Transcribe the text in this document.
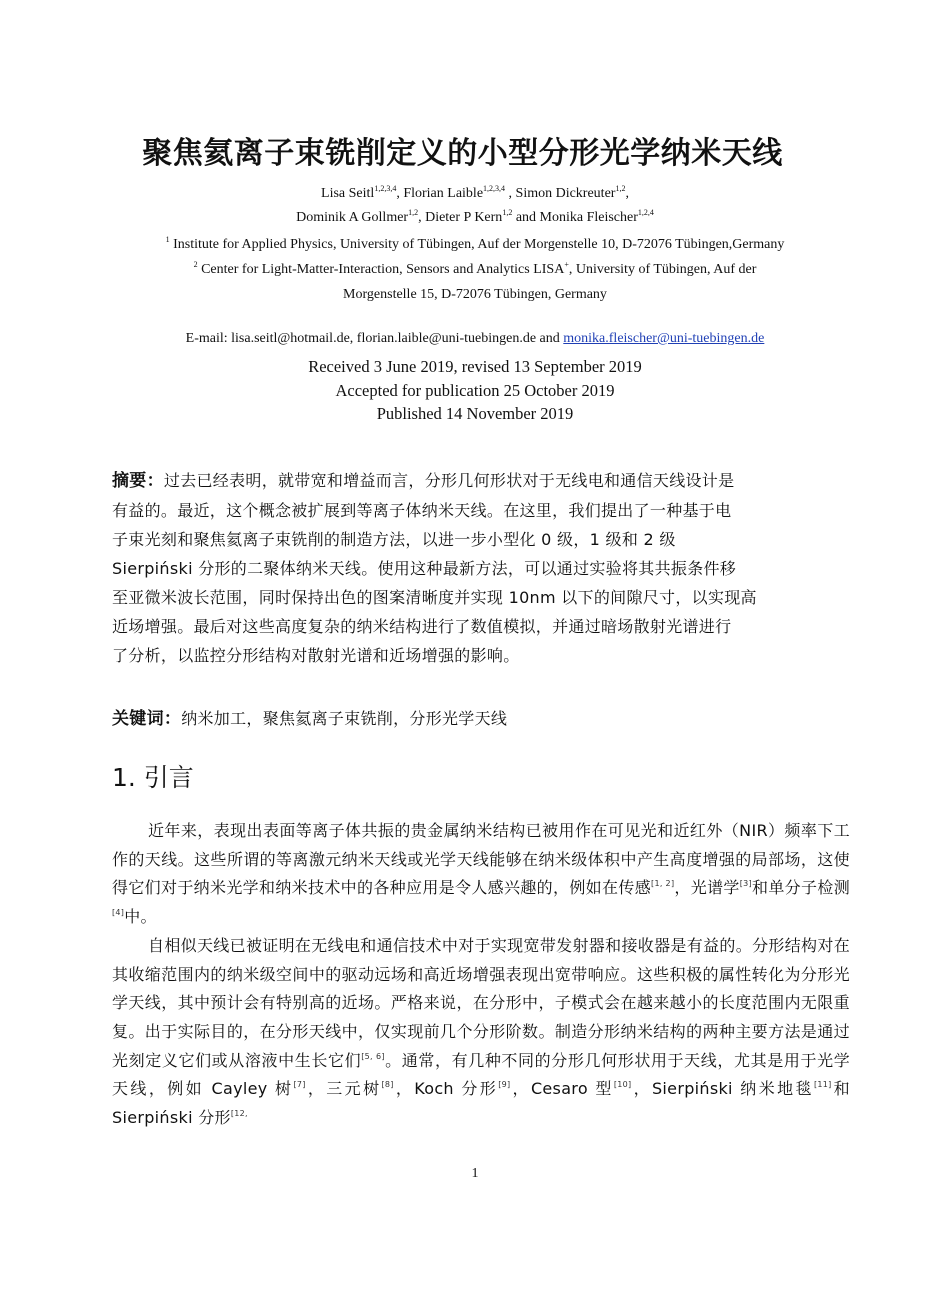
聚焦氦离子束铣削定义的小型分形光学纳米天线
Lisa Seitl$^{1,2,3,4}$, Florian Laible$^{1,2,3,4}$ , Simon Dickreuter$^{1,2}$,
Dominik A Gollmer$^{1,2}$, Dieter P Kern$^{1,2}$ and Monika Fleischer$^{1,2,4}$
$^1$ Institute for Applied Physics, University of Tübingen, Auf der Morgenstelle 10, D-72076 Tübingen,Germany
$^2$ Center for Light-Matter-Interaction, Sensors and Analytics LISA+, University of Tübingen, Auf der
Morgenstelle 15, D-72076 Tübingen, Germany
E-mail: lisa.seitl@hotmail.de, florian.laible@uni-tuebingen.de and monika.fleischer@uni-tuebingen.de
Received 3 June 2019, revised 13 September 2019
Accepted for publication 25 October 2019
Published 14 November 2019
摘要：过去已经表明，就带宽和增益而言，分形几何形状对于无线电和通信天线设计是
有益的。最近，这个概念被扩展到等离子体纳米天线。在这里，我们提出了一种基于电
子束光刻和聚焦氦离子束铣削的制造方法，以进一步小型化 0 级，1 级和 2 级
Sierpiński 分形的二聚体纳米天线。使用这种最新方法，可以通过实验将其共振条件移
至亚微米波长范围，同时保持出色的图案清晰度并实现 10nm 以下的间隙尺寸，以实现高
近场增强。最后对这些高度复杂的纳米结构进行了数值模拟，并通过暗场散射光谱进行
了分析，以监控分形结构对散射光谱和近场增强的影响。
关键词：纳米加工，聚焦氦离子束铣削，分形光学天线
1. 引言

近年来，表现出表面等离子体共振的贵金属纳米结构已被用作在可见光和近红外（NIR）频率下工作的天线。这些所谓的等离激元纳米天线或光学天线能够在纳米级体积中产生高度增强的局部场，这使得它们对于纳米光学和纳米技术中的各种应用是令人感兴趣的，例如在传感[1, 2]，光谱学[3]和单分子检测[4]中。

自相似天线已被证明在无线电和通信技术中对于实现宽带发射器和接收器是有益的。分形结构对在其收缩范围内的纳米级空间中的驱动远场和高近场增强表现出宽带响应。这些积极的属性转化为分形光学天线，其中预计会有特别高的近场。严格来说，在分形中，子模式会在越来越小的长度范围内无限重复。出于实际目的，在分形天线中，仅实现前几个分形阶数。制造分形纳米结构的两种主要方法是通过光刻定义它们或从溶液中生长它们[5, 6]。通常，有几种不同的分形几何形状用于天线，尤其是用于光学天线，例如 Cayley 树[7]，三元树[8]，Koch 分形[9]，Cesaro 型[10]，Sierpiński 纳米地毯[11]和 Sierpiński 分形$^{[12,}$

1
